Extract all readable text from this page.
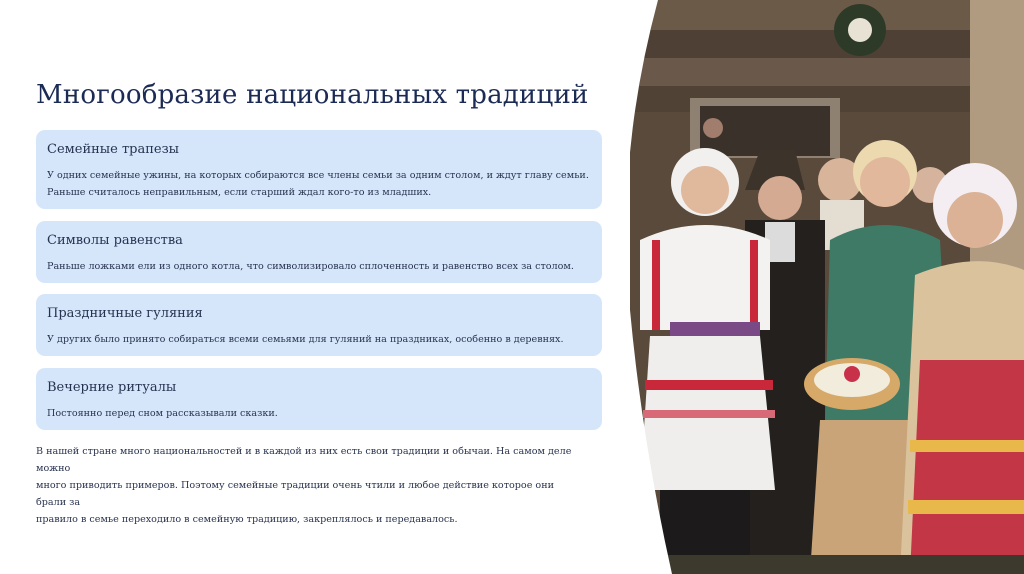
Многообразие национальных традиций
Семейные трапезы

У одних семейные ужины, на которых собираются все члены семьи за одним столом, и ждут главу семьи.

Раньше считалось неправильным, если старший ждал кого-то из младших.

Символы равенства

Раньше ложками ели из одного котла, что символизировало сплоченность и равенство всех за столом.

Праздничные гуляния

У других было принято собираться всеми семьями для гуляний на праздниках, особенно в деревнях.

Вечерние ритуалы

Постоянно перед сном рассказывали сказки.

В нашей стране много национальностей и в каждой из них есть свои традиции и обычаи. На самом деле можно

много приводить примеров. Поэтому семейные традиции очень чтили и любое действие которое они брали за

правило в семье переходило в семейную традицию, закреплялось и передавалось.
